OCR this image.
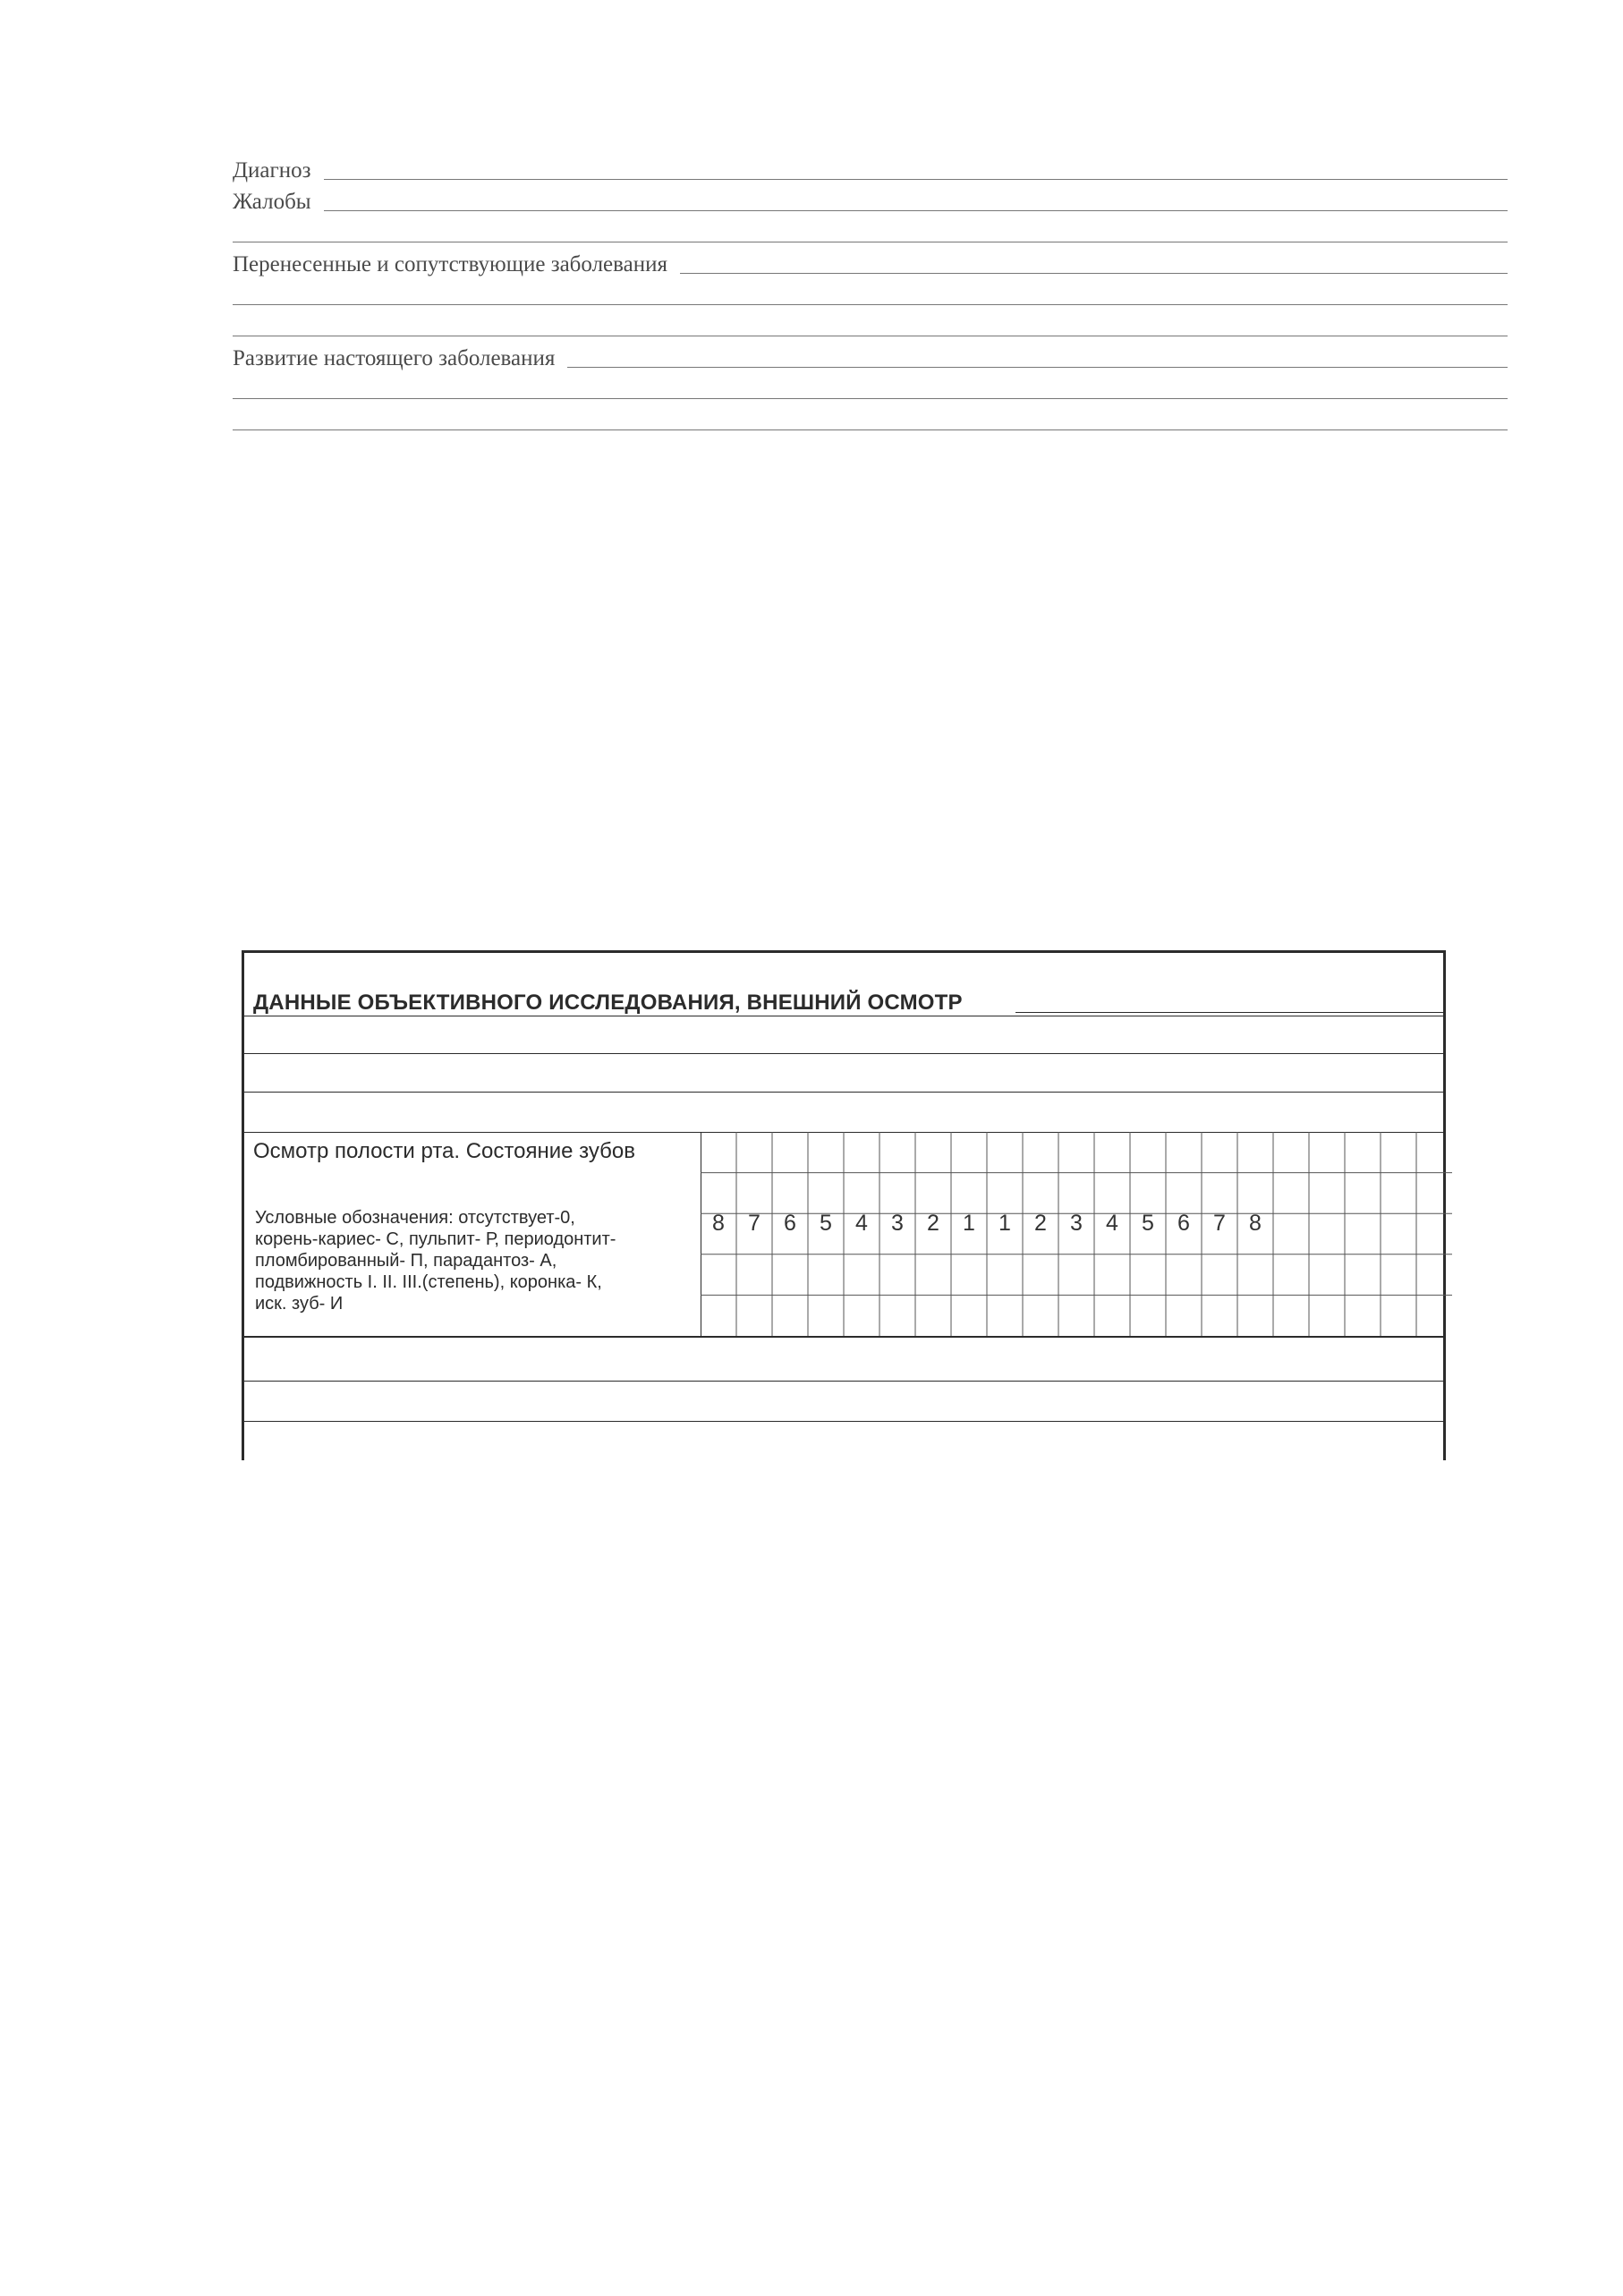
Диагноз
Жалобы
Перенесенные и сопутствующие заболевания
Развитие настоящего заболевания
ДАННЫЕ ОБЪЕКТИВНОГО ИССЛЕДОВАНИЯ, ВНЕШНИЙ ОСМОТР
Осмотр полости рта. Состояние зубов
Условные обозначения: отсутствует-0,
корень-кариес- С, пульпит- Р, периодонтит-
пломбированный- П, парадантоз- А,
подвижность I. II. III.(степень), коронка- К,
иск. зуб- И
8	7	6	5	4	3	2	1	1	2	3	4	5	6	7	8
